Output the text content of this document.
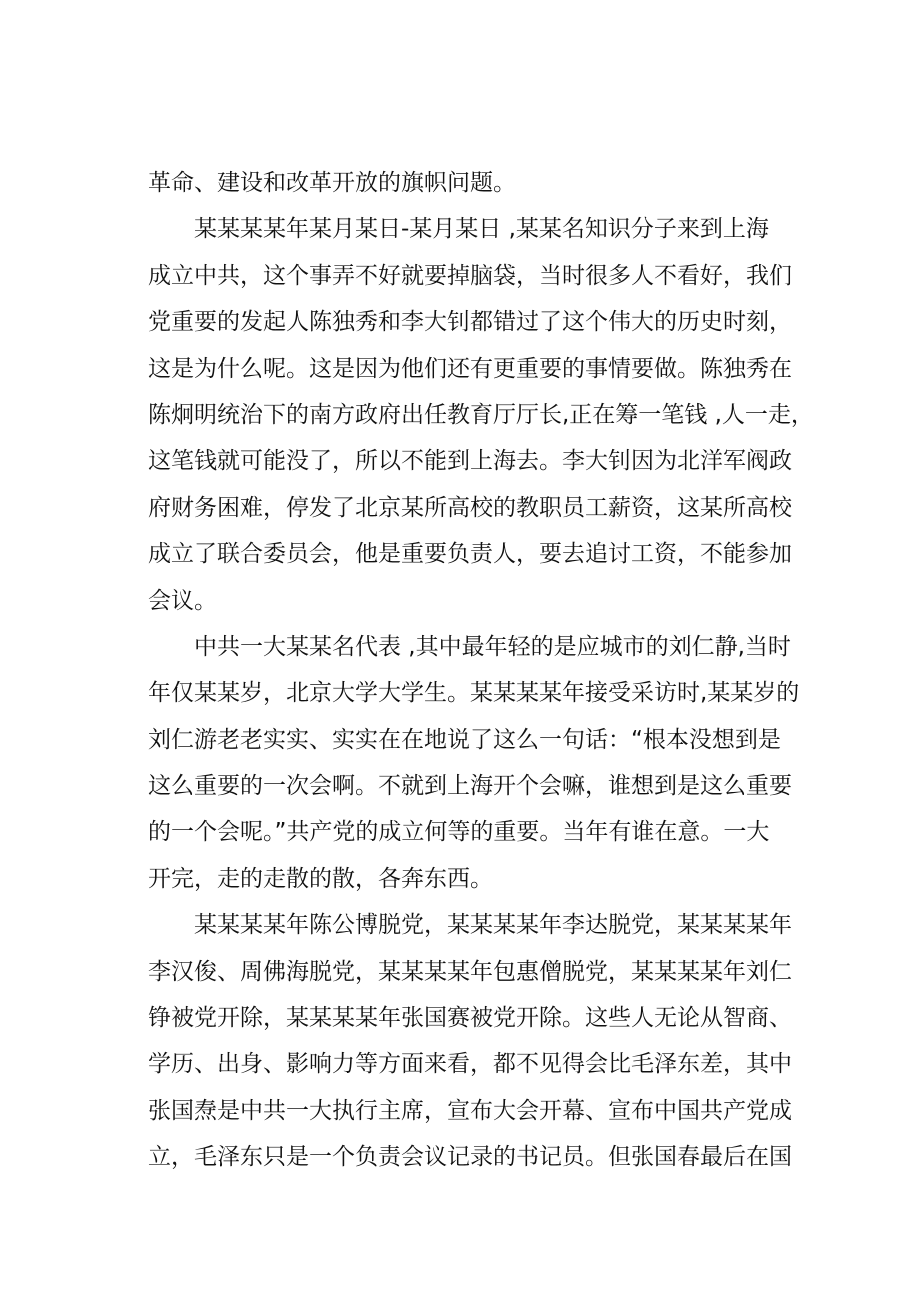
革命、建设和改革开放的旗帜问题。
　　某某某某年某月某日-某月某日 ,某某名知识分子来到上海
成立中共，这个事弄不好就要掉脑袋，当时很多人不看好，我们
党重要的发起人陈独秀和李大钊都错过了这个伟大的历史时刻，
这是为什么呢。这是因为他们还有更重要的事情要做。陈独秀在
陈炯明统治下的南方政府出任教育厅厅长,正在筹一笔钱 ,人一走，
这笔钱就可能没了，所以不能到上海去。李大钊因为北洋军阀政
府财务困难，停发了北京某所高校的教职员工薪资，这某所高校
成立了联合委员会，他是重要负责人，要去追讨工资，不能参加
会议。
　　中共一大某某名代表 ,其中最年轻的是应城市的刘仁静,当时
年仅某某岁，北京大学大学生。某某某某年接受采访时,某某岁的
刘仁游老老实实、实实在在地说了这么一句话：“根本没想到是
这么重要的一次会啊。不就到上海开个会嘛，谁想到是这么重要
的一个会呢。”共产党的成立何等的重要。当年有谁在意。一大
开完，走的走散的散，各奔东西。
　　某某某某年陈公博脱党，某某某某年李达脱党，某某某某年
李汉俊、周佛海脱党，某某某某年包惠僧脱党，某某某某年刘仁
铮被党开除，某某某某年张国赛被党开除。这些人无论从智商、
学历、出身、影响力等方面来看，都不见得会比毛泽东差，其中
张国焘是中共一大执行主席，宣布大会开幕、宣布中国共产党成
立，毛泽东只是一个负责会议记录的书记员。但张国春最后在国
